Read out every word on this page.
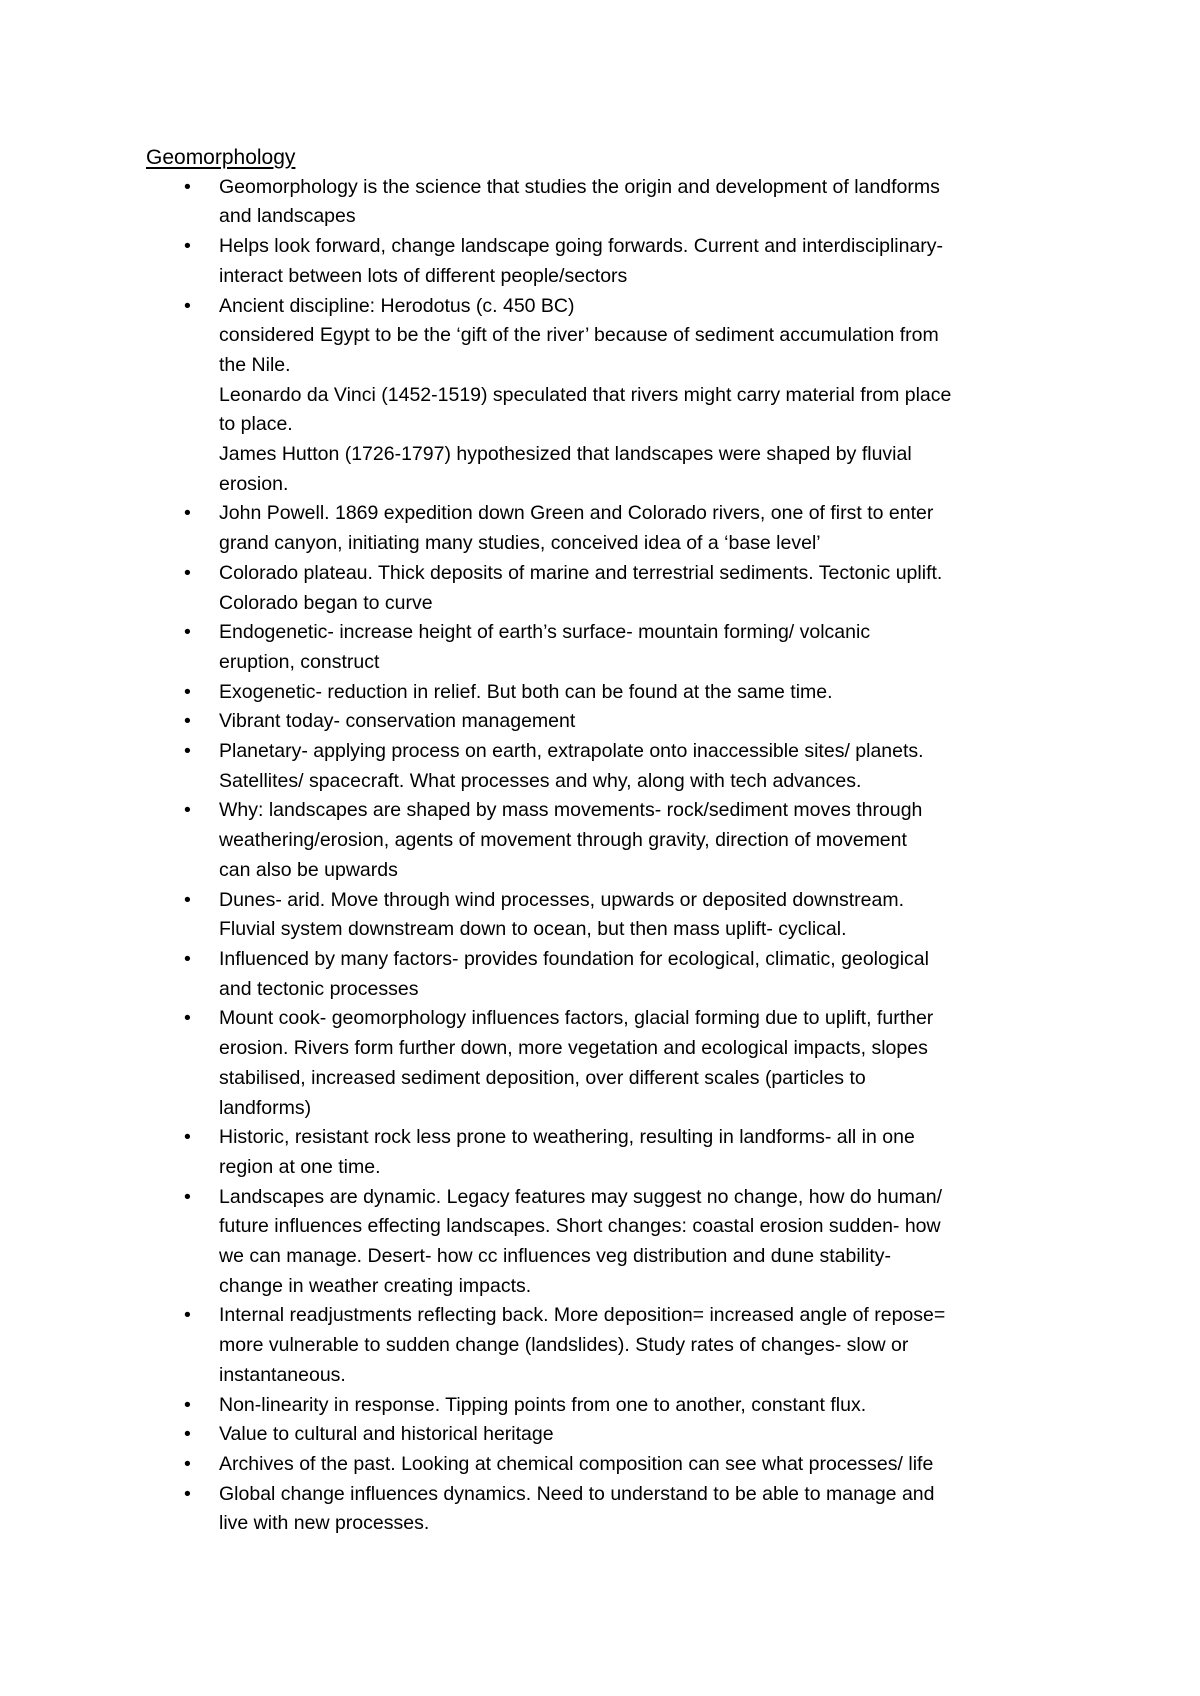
Geomorphology
• Geomorphology is the science that studies the origin and development of landforms
and landscapes
• Helps look forward, change landscape going forwards. Current and interdisciplinary-
interact between lots of different people/sectors
• Ancient discipline: Herodotus (c. 450 BC)
considered Egypt to be the ‘gift of the river’ because of sediment accumulation from
the Nile.
Leonardo da Vinci (1452-1519) speculated that rivers might carry material from place
to place.
James Hutton (1726-1797) hypothesized that landscapes were shaped by fluvial
erosion.
• John Powell. 1869 expedition down Green and Colorado rivers, one of first to enter
grand canyon, initiating many studies, conceived idea of a ‘base level’
• Colorado plateau. Thick deposits of marine and terrestrial sediments. Tectonic uplift.
Colorado began to curve
• Endogenetic- increase height of earth’s surface- mountain forming/ volcanic
eruption, construct
• Exogenetic- reduction in relief. But both can be found at the same time.
• Vibrant today- conservation management
• Planetary- applying process on earth, extrapolate onto inaccessible sites/ planets.
Satellites/ spacecraft. What processes and why, along with tech advances.
• Why: landscapes are shaped by mass movements- rock/sediment moves through
weathering/erosion, agents of movement through gravity, direction of movement
can also be upwards
• Dunes- arid. Move through wind processes, upwards or deposited downstream.
Fluvial system downstream down to ocean, but then mass uplift- cyclical.
• Influenced by many factors- provides foundation for ecological, climatic, geological
and tectonic processes
• Mount cook- geomorphology influences factors, glacial forming due to uplift, further
erosion. Rivers form further down, more vegetation and ecological impacts, slopes
stabilised, increased sediment deposition, over different scales (particles to
landforms)
• Historic, resistant rock less prone to weathering, resulting in landforms- all in one
region at one time.
• Landscapes are dynamic. Legacy features may suggest no change, how do human/
future influences effecting landscapes. Short changes: coastal erosion sudden- how
we can manage. Desert- how cc influences veg distribution and dune stability-
change in weather creating impacts.
• Internal readjustments reflecting back. More deposition= increased angle of repose=
more vulnerable to sudden change (landslides). Study rates of changes- slow or
instantaneous.
• Non-linearity in response. Tipping points from one to another, constant flux.
• Value to cultural and historical heritage
• Archives of the past. Looking at chemical composition can see what processes/ life
• Global change influences dynamics. Need to understand to be able to manage and
live with new processes.
